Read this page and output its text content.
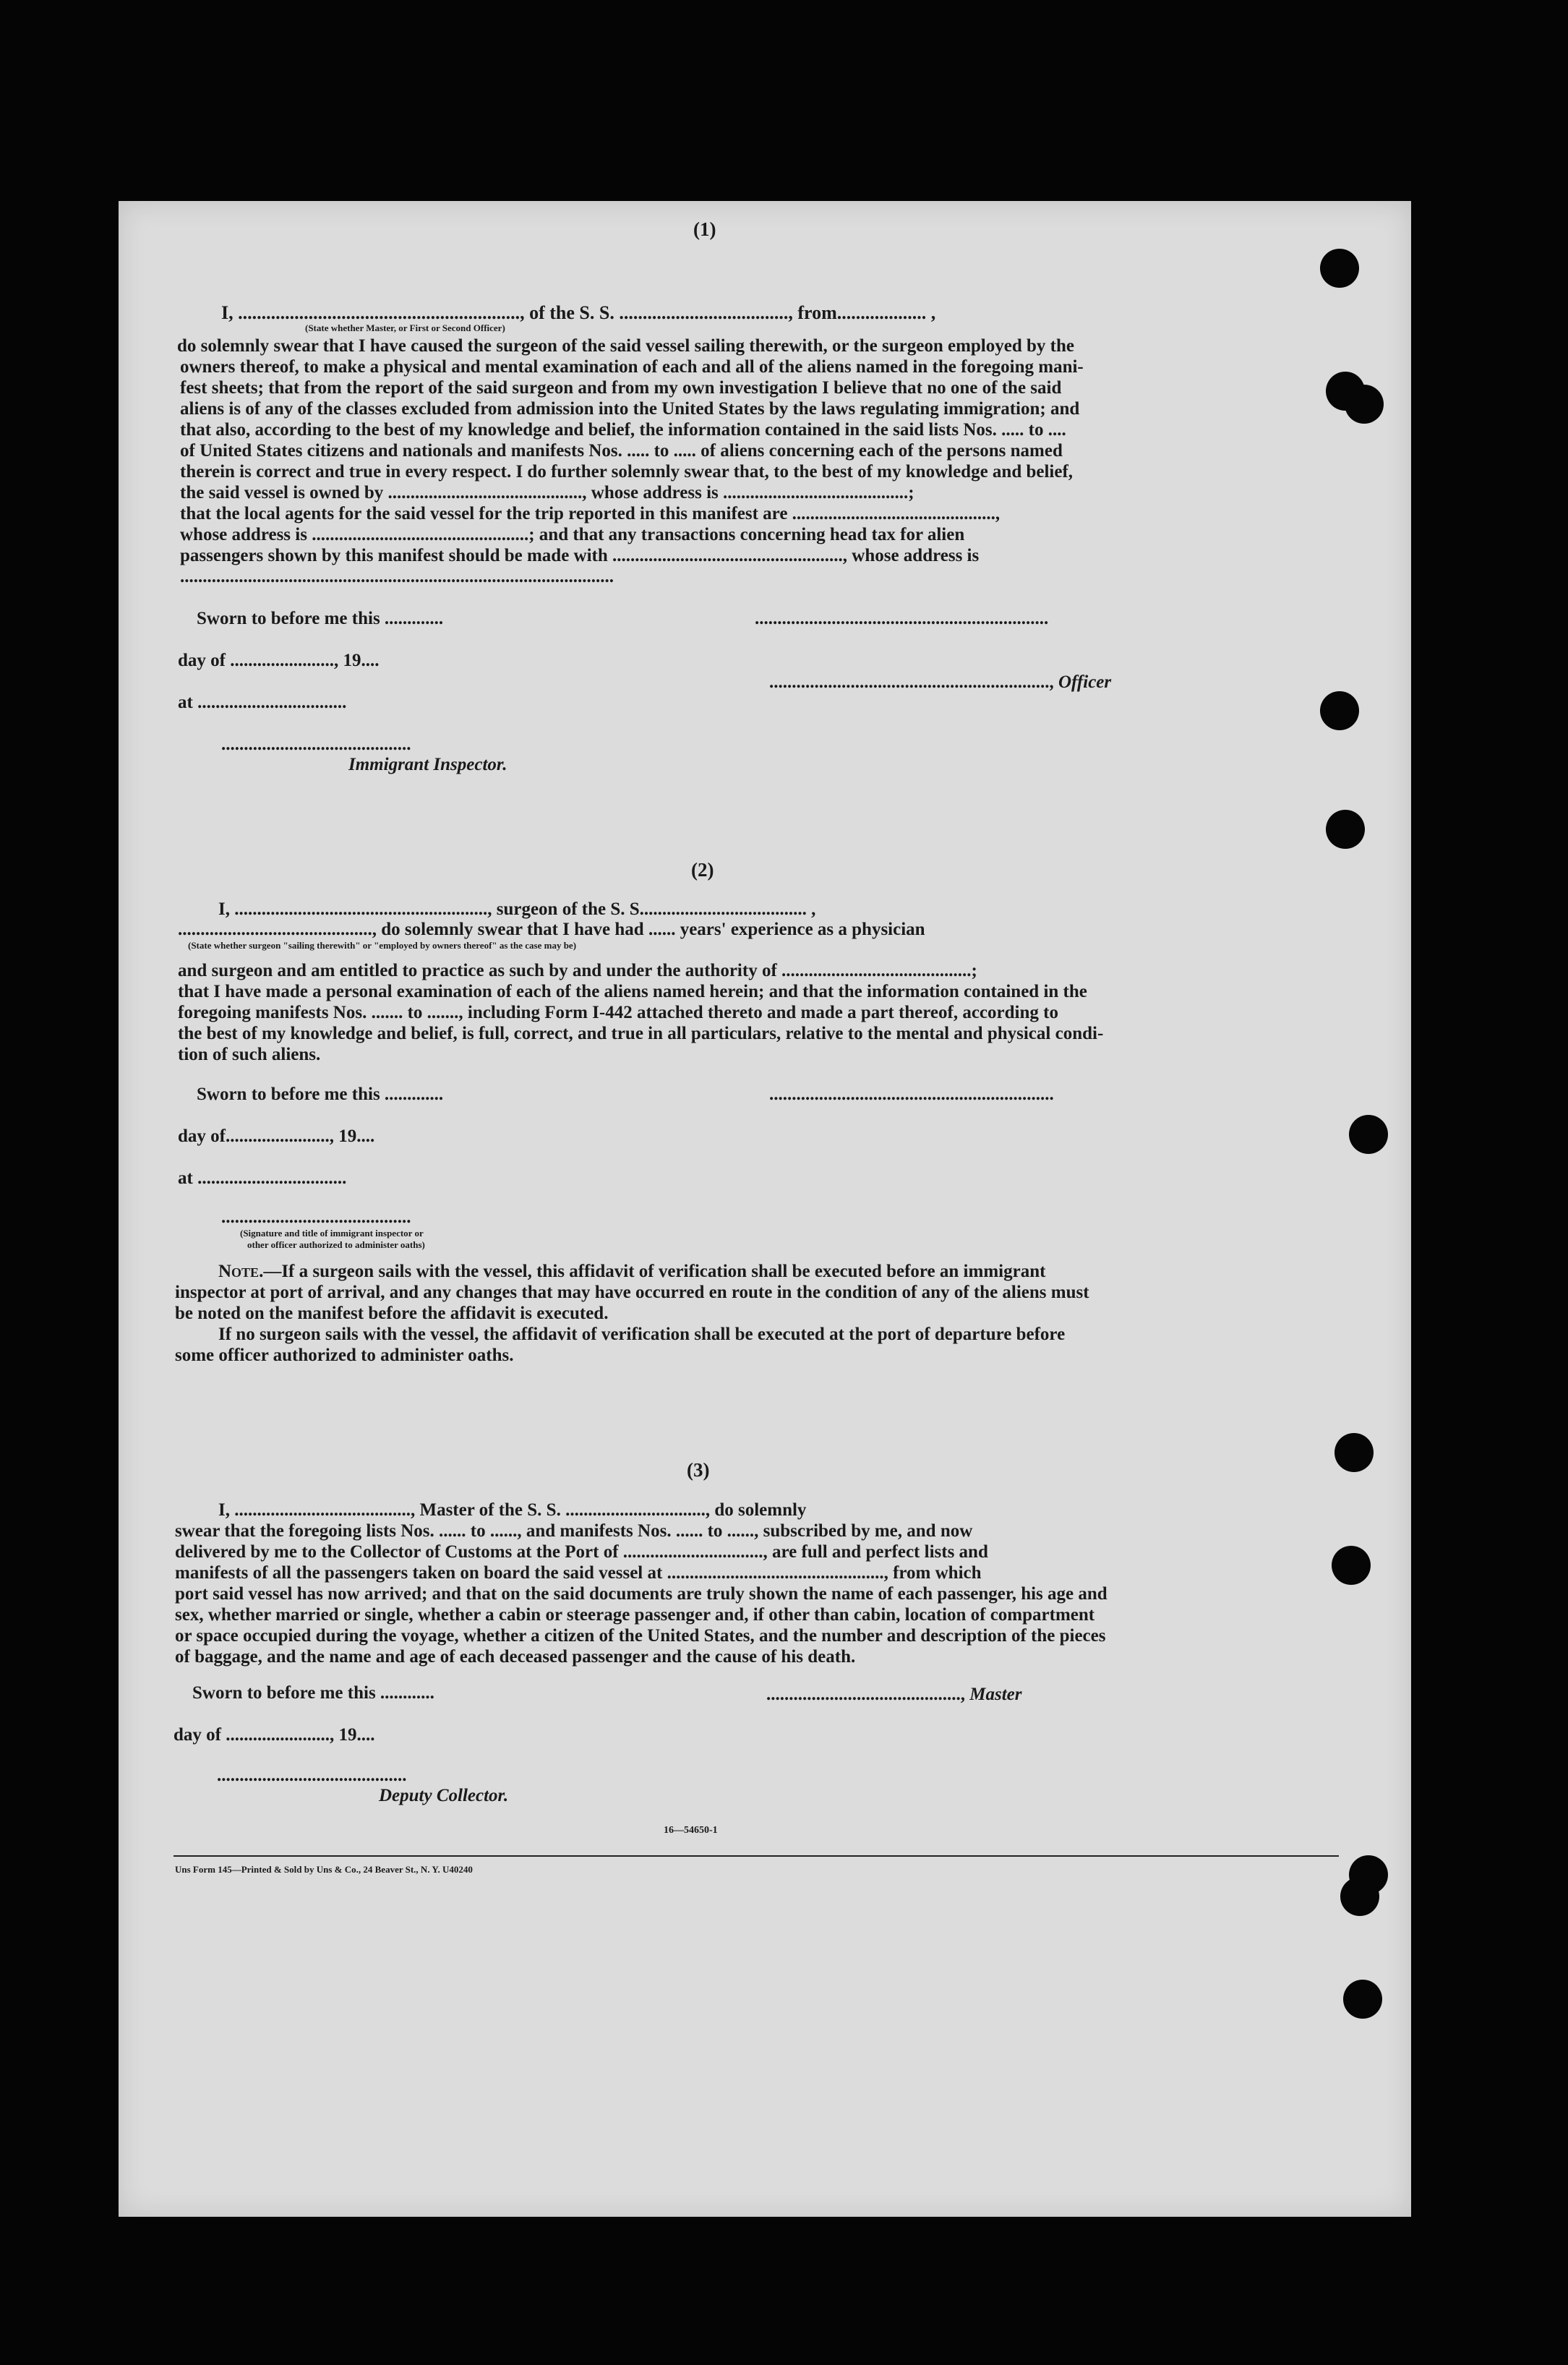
(1)
I, ............................................................, of the S. S. ...................................., from................... ,
(State whether Master, or First or Second Officer)
do solemnly swear that I have caused the surgeon of the said vessel sailing therewith, or the surgeon employed by the
owners thereof, to make a physical and mental examination of each and all of the aliens named in the foregoing mani-
fest sheets; that from the report of the said surgeon and from my own investigation I believe that no one of the said
aliens is of any of the classes excluded from admission into the United States by the laws regulating immigration; and
that also, according to the best of my knowledge and belief, the information contained in the said lists Nos. ..... to ....
of United States citizens and nationals and manifests Nos. ..... to ..... of aliens concerning each of the persons named
therein is correct and true in every respect. I do further solemnly swear that, to the best of my knowledge and belief,
the said vessel is owned by ..........................................., whose address is .........................................;
that the local agents for the said vessel for the trip reported in this manifest are .............................................,
whose address is ................................................; and that any transactions concerning head tax for alien
passengers shown by this manifest should be made with ..................................................., whose address is
................................................................................................
Sworn to before me this .............	.................................................................
day of ......................., 19....
.............................................................., Officer
at .................................
..........................................
Immigrant Inspector.
(2)
I, ........................................................, surgeon of the S. S..................................... ,
..........................................., do solemnly swear that I have had ...... years' experience as a physician
(State whether surgeon "sailing therewith" or "employed by owners thereof" as the case may be)
and surgeon and am entitled to practice as such by and under the authority of ..........................................;
that I have made a personal examination of each of the aliens named herein; and that the information contained in the
foregoing manifests Nos. ....... to ......., including Form I-442 attached thereto and made a part thereof, according to
the best of my knowledge and belief, is full, correct, and true in all particulars, relative to the mental and physical condi-
tion of such aliens.
Sworn to before me this .............	...............................................................
day of......................., 19....
at .................................
..........................................
(Signature and title of immigrant inspector or
other officer authorized to administer oaths)
Note.—If a surgeon sails with the vessel, this affidavit of verification shall be executed before an immigrant
inspector at port of arrival, and any changes that may have occurred en route in the condition of any of the aliens must
be noted on the manifest before the affidavit is executed.
If no surgeon sails with the vessel, the affidavit of verification shall be executed at the port of departure before
some officer authorized to administer oaths.
(3)
I, ......................................., Master of the S. S. ..............................., do solemnly
swear that the foregoing lists Nos. ...... to ......, and manifests Nos. ...... to ......, subscribed by me, and now
delivered by me to the Collector of Customs at the Port of ..............................., are full and perfect lists and
manifests of all the passengers taken on board the said vessel at ................................................, from which
port said vessel has now arrived; and that on the said documents are truly shown the name of each passenger, his age and
sex, whether married or single, whether a cabin or steerage passenger and, if other than cabin, location of compartment
or space occupied during the voyage, whether a citizen of the United States, and the number and description of the pieces
of baggage, and the name and age of each deceased passenger and the cause of his death.
Sworn to before me this ............	..........................................., Master
day of ......................., 19....
..........................................
Deputy Collector.
16—54650-1
Uns Form 145—Printed & Sold by Uns & Co., 24 Beaver St., N. Y. U40240
